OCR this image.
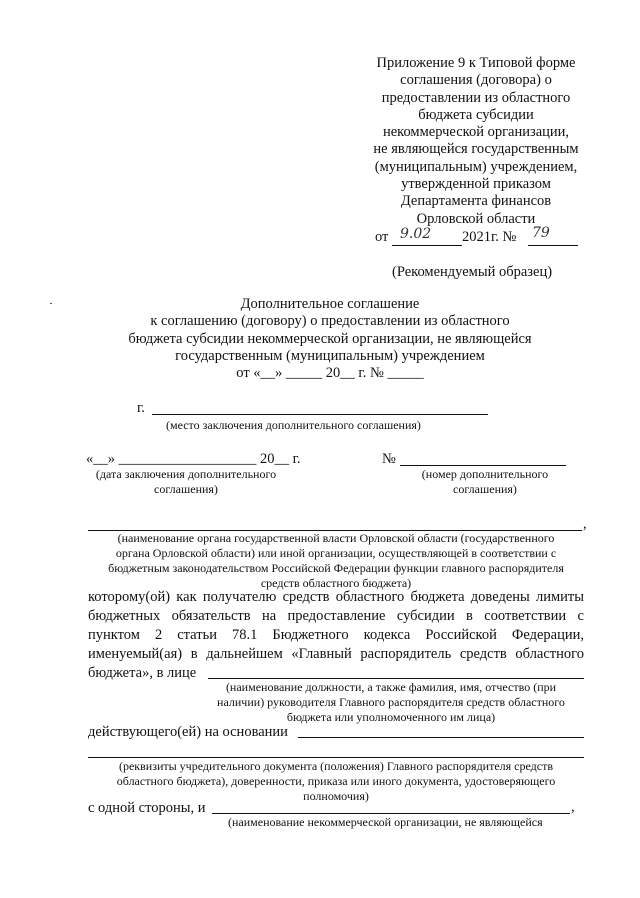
Приложение 9 к Типовой форме
соглашения (договора) о
предоставлении из областного
бюджета субсидии
некоммерческой организации,
не являющейся государственным
(муниципальным) учреждением,
утвержденной приказом
Департамента финансов
Орловской области
от 9.02 2021г. № 79
(Рекомендуемый образец)
Дополнительное соглашение
к соглашению (договору) о предоставлении из областного
бюджета субсидии некоммерческой организации, не являющейся
государственным (муниципальным) учреждением
от «__» _____ 20__ г. № _____
г.
(место заключения дополнительного соглашения)
«__» ___________________ 20__ г.
(дата заключения дополнительного
соглашения)
№
(номер дополнительного
соглашения)
,
(наименование органа государственной власти Орловской области (государственного
органа Орловской области) или иной организации, осуществляющей в соответствии с
бюджетным законодательством Российской Федерации функции главного распорядителя
средств областного бюджета)
которому(ой) как получателю средств областного бюджета доведены лимиты
бюджетных обязательств на предоставление субсидии в соответствии с
пунктом 2 статьи 78.1 Бюджетного кодекса Российской Федерации,
именуемый(ая) в дальнейшем «Главный распорядитель средств областного
бюджета», в лице
(наименование должности, а также фамилия, имя, отчество (при
наличии) руководителя Главного распорядителя средств областного
бюджета или уполномоченного им лица)
действующего(ей) на основании
(реквизиты учредительного документа (положения) Главного распорядителя средств
областного бюджета), доверенности, приказа или иного документа, удостоверяющего
полномочия)
с одной стороны, и	,
(наименование некоммерческой организации, не являющейся
